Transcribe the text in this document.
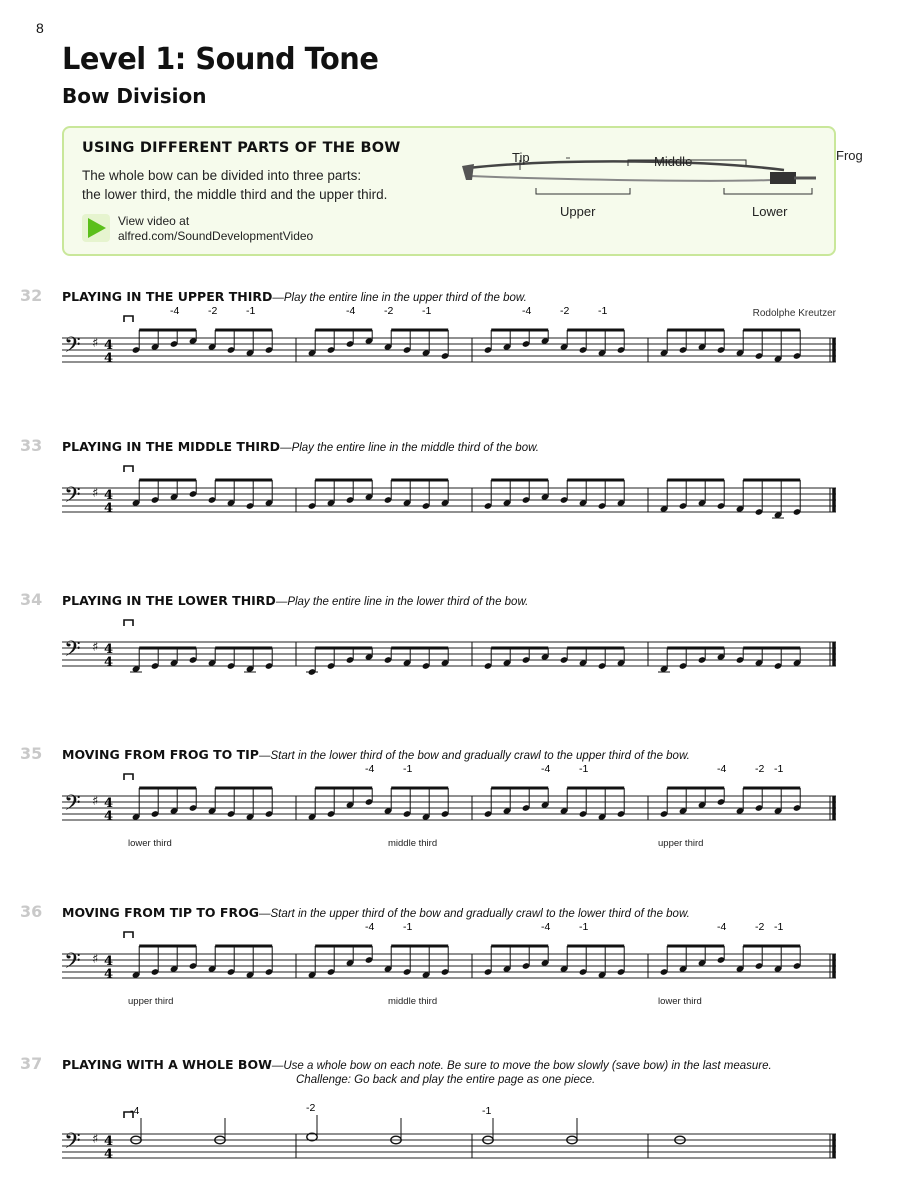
8
Level 1: Sound Tone
Bow Division
USING DIFFERENT PARTS OF THE BOW
The whole bow can be divided into three parts:
the lower third, the middle third and the upper third.
View video at
alfred.com/SoundDevelopmentVideo
Tip	Middle	Frog
Upper	Lower
32 PLAYING IN THE UPPER THIRD—Play the entire line in the upper third of the bow.
Rodolphe Kreutzer
𝄢 ♯ 4
4
-4	-2	-1	-4	-2	-1	-4	-2	-1
33 PLAYING IN THE MIDDLE THIRD—Play the entire line in the middle third of the bow.
𝄢 ♯ 4
4
34 PLAYING IN THE LOWER THIRD—Play the entire line in the lower third of the bow.
𝄢 ♯ 4
4
35 MOVING FROM FROG TO TIP—Start in the lower third of the bow and gradually crawl to the upper third of the bow.
𝄢 ♯ 4
4
-4	-1	-4	-1	-4	-2 -1
lower third	middle third	upper third
36 MOVING FROM TIP TO FROG—Start in the upper third of the bow and gradually crawl to the lower third of the bow.
𝄢 ♯ 4
4
-4	-1	-4	-1	-4	-2 -1
upper third	middle third	lower third
37 PLAYING WITH A WHOLE BOW—Use a whole bow on each note. Be sure to move the bow slowly (save bow) in the last measure.
Challenge: Go back and play the entire page as one piece.
𝄢 ♯ 4
4
-4	-2	-1
